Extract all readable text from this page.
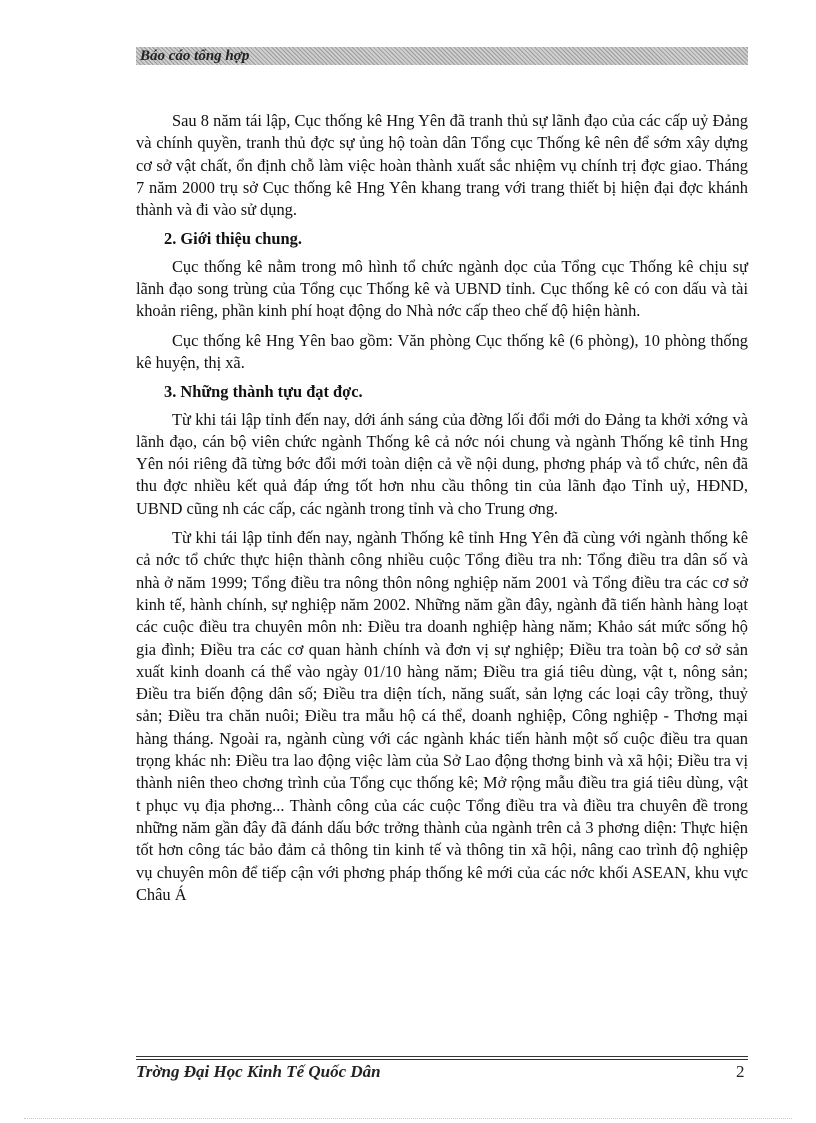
Báo cáo tổng hợp

Sau 8 năm tái lập, Cục thống kê Hng Yên đã tranh thủ sự lãnh đạo của các cấp uỷ Đảng và chính quyền, tranh thủ đợc sự ủng hộ toàn dân Tổng cục Thống kê nên để sớm xây dựng cơ sở vật chất, ổn định chỗ làm việc hoàn thành xuất sắc nhiệm vụ chính trị đợc giao. Tháng 7 năm 2000 trụ sở Cục thống kê Hng Yên khang trang với trang thiết bị hiện đại đợc khánh thành và đi vào sử dụng.

2. Giới thiệu chung.

Cục thống kê nằm trong mô hình tổ chức ngành dọc của Tổng cục Thống kê chịu sự lãnh đạo song trùng của Tổng cục Thống kê và UBND tỉnh. Cục thống kê có con dấu và tài khoản riêng, phần kinh phí hoạt động do Nhà nớc cấp theo chế độ hiện hành.

Cục thống kê Hng Yên bao gồm: Văn phòng Cục thống kê (6 phòng), 10 phòng thống kê huyện, thị xã.

3. Những thành tựu đạt đợc.

Từ khi tái lập tỉnh đến nay, dới ánh sáng của đờng lối đổi mới do Đảng ta khởi xớng và lãnh đạo, cán bộ viên chức ngành Thống kê cả nớc nói chung và ngành Thống kê tỉnh Hng Yên nói riêng đã từng bớc đổi mới toàn diện cả về nội dung, phơng pháp và tổ chức, nên đã thu đợc nhiều kết quả đáp ứng tốt hơn nhu cầu thông tin của lãnh đạo Tỉnh uỷ, HĐND, UBND cũng nh các cấp, các ngành trong tỉnh và cho Trung ơng.

Từ khi tái lập tỉnh đến nay, ngành Thống kê tỉnh Hng Yên đã cùng với ngành thống kê cả nớc tổ chức thực hiện thành công nhiều cuộc Tổng điều tra nh: Tổng điều tra dân số và nhà ở năm 1999; Tổng điều tra nông thôn nông nghiệp năm 2001 và Tổng điều tra các cơ sở kinh tế, hành chính, sự nghiệp năm 2002. Những năm gần đây, ngành đã tiến hành hàng loạt các cuộc điều tra chuyên môn nh: Điều tra doanh nghiệp hàng năm; Khảo sát mức sống hộ gia đình; Điều tra các cơ quan hành chính và đơn vị sự nghiệp; Điều tra toàn bộ cơ sở sản xuất kinh doanh cá thể vào ngày 01/10 hàng năm; Điều tra giá tiêu dùng, vật t, nông sản; Điều tra biến động dân số; Điều tra diện tích, năng suất, sản lợng các loại cây trồng, thuỷ sản; Điều tra chăn nuôi; Điều tra mẫu hộ cá thể, doanh nghiệp, Công nghiệp - Thơng mại hàng tháng. Ngoài ra, ngành cùng với các ngành khác tiến hành một số cuộc điều tra quan trọng khác nh: Điều tra lao động việc làm của Sở Lao động thơng binh và xã hội; Điều tra vị thành niên theo chơng trình của Tổng cục thống kê; Mở rộng mẫu điều tra giá tiêu dùng, vật t phục vụ địa phơng... Thành công của các cuộc Tổng điều tra và điều tra chuyên đề trong những năm gần đây đã đánh dấu bớc trởng thành của ngành trên cả 3 phơng diện: Thực hiện tốt hơn công tác bảo đảm cả thông tin kinh tế và thông tin xã hội, nâng cao trình độ nghiệp vụ chuyên môn để tiếp cận với phơng pháp thống kê mới của các nớc khối ASEAN, khu vực Châu Á

Trờng Đại Học Kinh Tế Quốc Dân	2
